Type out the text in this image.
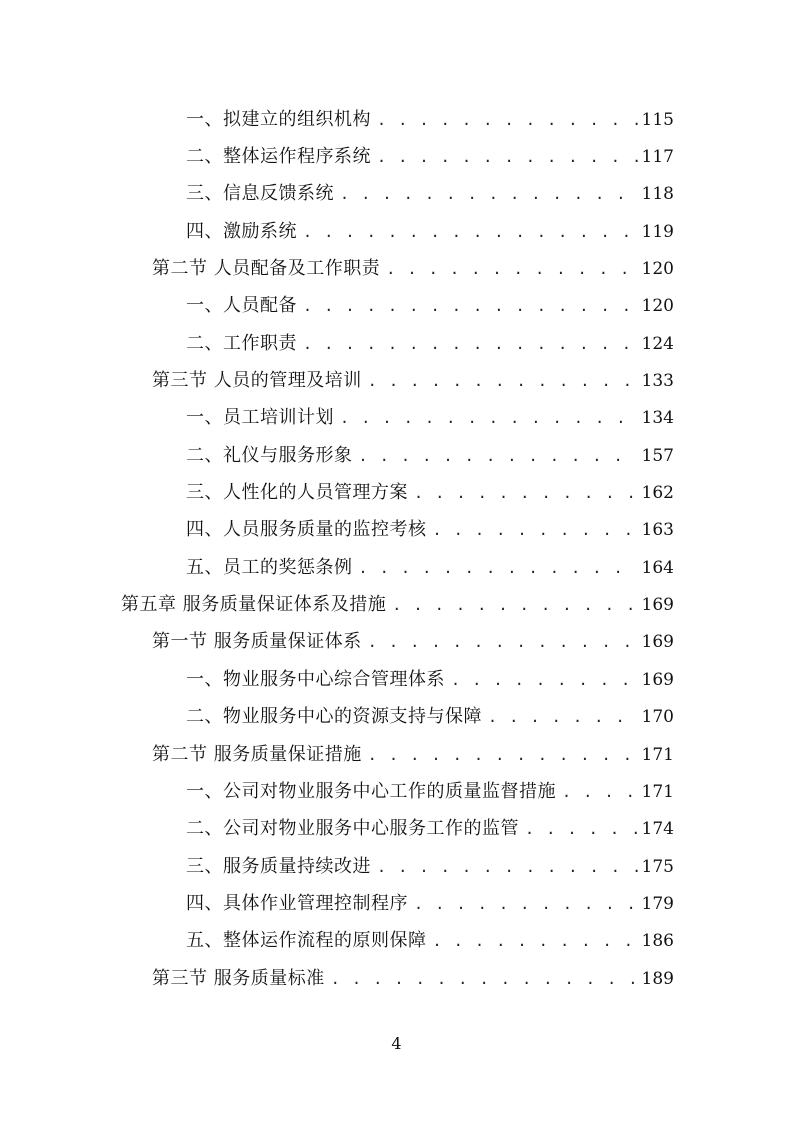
一、拟建立的组织机构 . . .	115
二、整体运作程序系统 . . .	117
三、信息反馈系统 . . .	118
四、激励系统 . . .	119
第二节 人员配备及工作职责 . . .	120
一、人员配备 . . .	120
二、工作职责 . . .	124
第三节 人员的管理及培训 . . .	133
一、员工培训计划 . . .	134
二、礼仪与服务形象 . . .	157
三、人性化的人员管理方案 . . .	162
四、人员服务质量的监控考核 . . .	163
五、员工的奖惩条例 . . .	164
第五章 服务质量保证体系及措施 . . .	169
第一节 服务质量保证体系 . . .	169
一、物业服务中心综合管理体系 . . .	169
二、物业服务中心的资源支持与保障 . . .	170
第二节 服务质量保证措施 . . .	171
一、公司对物业服务中心工作的质量监督措施 . . .	171
二、公司对物业服务中心服务工作的监管 . . .	174
三、服务质量持续改进 . . .	175
四、具体作业管理控制程序 . . .	179
五、整体运作流程的原则保障 . . .	186
第三节 服务质量标准 . . .	189
4
